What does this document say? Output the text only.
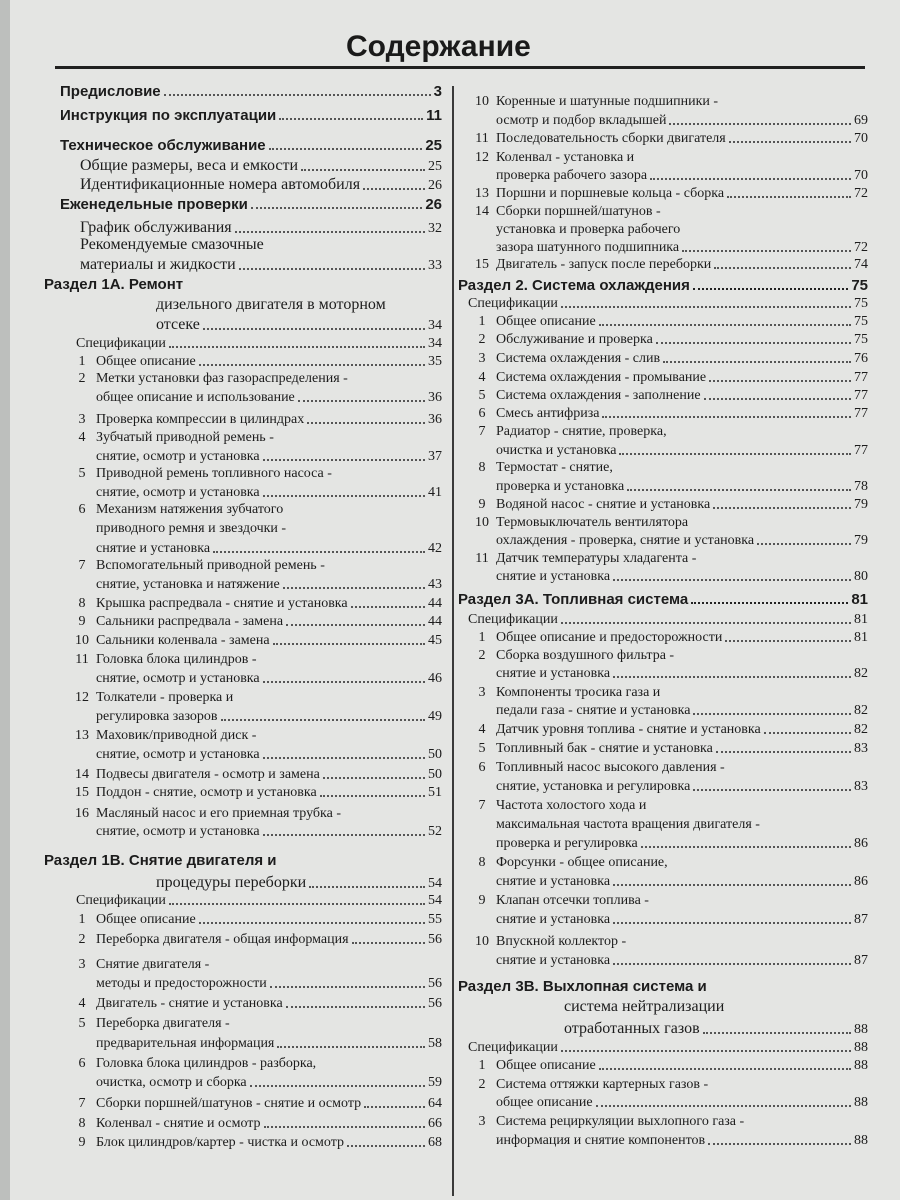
Содержание
Предисловие	3
Инструкция по эксплуатации	11
Техническое обслуживание	25
Общие размеры, веса и емкости	25
Идентификационные номера автомобиля	26
Еженедельные проверки	26
График обслуживания	32
Рекомендуемые смазочные
материалы и жидкости	33
Раздел 1А. Ремонт
дизельного двигателя в моторном
отсеке	34
Спецификации	34
1 Общее описание	35
2 Метки установки фаз газораспределения -
общее описание и использование	36
3 Проверка компрессии в цилиндрах	36
4 Зубчатый приводной ремень -
снятие, осмотр и установка	37
5 Приводной ремень топливного насоса -
снятие, осмотр и установка	41
6 Механизм натяжения зубчатого
приводного ремня и звездочки -
снятие и установка	42
7 Вспомогательный приводной ремень -
снятие, установка и натяжение	43
8 Крышка распредвала - снятие и установка	44
9 Сальники распредвала - замена	44
10 Сальники коленвала - замена	45
11 Головка блока цилиндров -
снятие, осмотр и установка	46
12 Толкатели - проверка и
регулировка зазоров	49
13 Маховик/приводной диск -
снятие, осмотр и установка	50
14 Подвесы двигателя - осмотр и замена	50
15 Поддон - снятие, осмотр и установка	51
16 Масляный насос и его приемная трубка -
снятие, осмотр и установка	52
Раздел 1В. Снятие двигателя и
процедуры переборки	54
Спецификации	54
1 Общее описание	55
2 Переборка двигателя - общая информация	56
3 Снятие двигателя -
методы и предосторожности	56
4 Двигатель - снятие и установка	56
5 Переборка двигателя -
предварительная информация	58
6 Головка блока цилиндров - разборка,
очистка, осмотр и сборка	59
7 Сборки поршней/шатунов - снятие и осмотр	64
8 Коленвал - снятие и осмотр	66
9 Блок цилиндров/картер - чистка и осмотр	68
10 Коренные и шатунные подшипники -
осмотр и подбор вкладышей	69
11 Последовательность сборки двигателя	70
12 Коленвал - установка и
проверка рабочего зазора	70
13 Поршни и поршневые кольца - сборка	72
14 Сборки поршней/шатунов -
установка и проверка рабочего
зазора шатунного подшипника	72
15 Двигатель - запуск после переборки	74
Раздел 2. Система охлаждения	75
Спецификации	75
1 Общее описание	75
2 Обслуживание и проверка	75
3 Система охлаждения - слив	76
4 Система охлаждения - промывание	77
5 Система охлаждения - заполнение	77
6 Смесь антифриза	77
7 Радиатор - снятие, проверка,
очистка и установка	77
8 Термостат - снятие,
проверка и установка	78
9 Водяной насос - снятие и установка	79
10 Термовыключатель вентилятора
охлаждения - проверка, снятие и установка	79
11 Датчик температуры хладагента -
снятие и установка	80
Раздел 3А. Топливная система	81
Спецификации	81
1 Общее описание и предосторожности	81
2 Сборка воздушного фильтра -
снятие и установка	82
3 Компоненты тросика газа и
педали газа - снятие и установка	82
4 Датчик уровня топлива - снятие и установка	82
5 Топливный бак - снятие и установка	83
6 Топливный насос высокого давления -
снятие, установка и регулировка	83
7 Частота холостого хода и
максимальная частота вращения двигателя -
проверка и регулировка	86
8 Форсунки - общее описание,
снятие и установка	86
9 Клапан отсечки топлива -
снятие и установка	87
10 Впускной коллектор -
снятие и установка	87
Раздел 3В. Выхлопная система и
система нейтрализации
отработанных газов	88
Спецификации	88
1 Общее описание	88
2 Система оттяжки картерных газов -
общее описание	88
3 Система рециркуляции выхлопного газа -
информация и снятие компонентов	88
